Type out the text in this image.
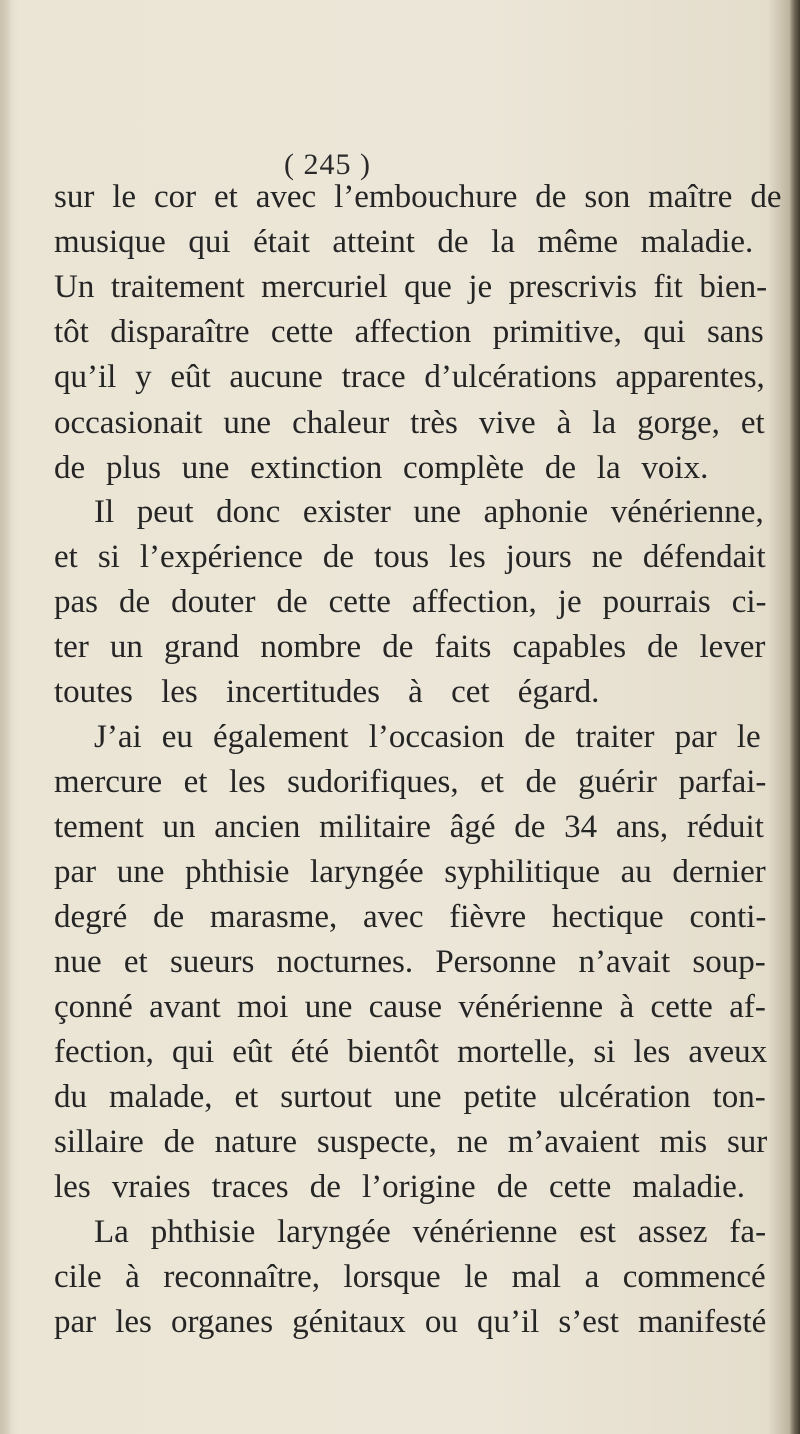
( 245 )
sur le cor et avec l’embouchure de son maître de
musique qui était atteint de la même maladie.
Un traitement mercuriel que je prescrivis fit bien-
tôt disparaître cette affection primitive, qui sans
qu’il y eût aucune trace d’ulcérations apparentes,
occasionait une chaleur très vive à la gorge, et
de plus une extinction complète de la voix.
Il peut donc exister une aphonie vénérienne,
et si l’expérience de tous les jours ne défendait
pas de douter de cette affection, je pourrais ci-
ter un grand nombre de faits capables de lever
toutes les incertitudes à cet égard.
J’ai eu également l’occasion de traiter par le
mercure et les sudorifiques, et de guérir parfai-
tement un ancien militaire âgé de 34 ans, réduit
par une phthisie laryngée syphilitique au dernier
degré de marasme, avec fièvre hectique conti-
nue et sueurs nocturnes. Personne n’avait soup-
çonné avant moi une cause vénérienne à cette af-
fection, qui eût été bientôt mortelle, si les aveux
du malade, et surtout une petite ulcération ton-
sillaire de nature suspecte, ne m’avaient mis sur
les vraies traces de l’origine de cette maladie.
La phthisie laryngée vénérienne est assez fa-
cile à reconnaître, lorsque le mal a commencé
par les organes génitaux ou qu’il s’est manifesté
